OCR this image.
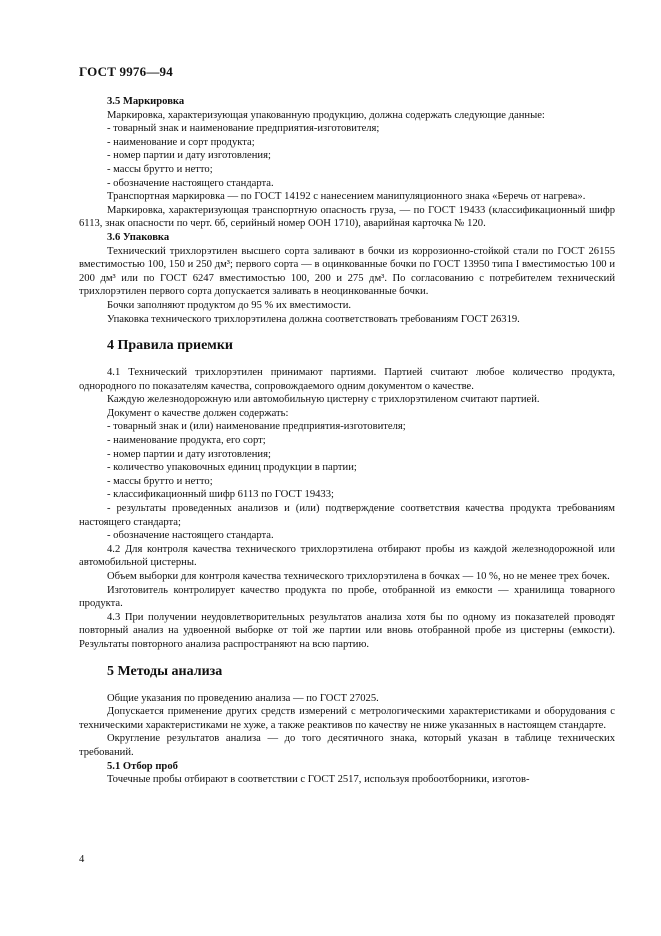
ГОСТ 9976—94

3.5 Маркировка

Маркировка, характеризующая упакованную продукцию, должна содержать следующие данные:

- товарный знак и наименование предприятия-изготовителя;

- наименование и сорт продукта;

- номер партии и дату изготовления;

- массы брутто и нетто;

- обозначение настоящего стандарта.

Транспортная маркировка — по ГОСТ 14192 с нанесением манипуляционного знака «Беречь от нагрева».

Маркировка, характеризующая транспортную опасность груза, — по ГОСТ 19433 (классификационный шифр 6113, знак опасности по черт. 6б, серийный номер ООН 1710), аварийная карточка № 120.

3.6 Упаковка

Технический трихлорэтилен высшего сорта заливают в бочки из коррозионно-стойкой стали по ГОСТ 26155 вместимостью 100, 150 и 250 дм³; первого сорта — в оцинкованные бочки по ГОСТ 13950 типа I вместимостью 100 и 200 дм³ или по ГОСТ 6247 вместимостью 100, 200 и 275 дм³. По согласованию с потребителем технический трихлорэтилен первого сорта допускается заливать в неоцинкованные бочки.

Бочки заполняют продуктом до 95 % их вместимости.

Упаковка технического трихлорэтилена должна соответствовать требованиям ГОСТ 26319.

4 Правила приемки

4.1 Технический трихлорэтилен принимают партиями. Партией считают любое количество продукта, однородного по показателям качества, сопровождаемого одним документом о качестве.

Каждую железнодорожную или автомобильную цистерну с трихлорэтиленом считают партией.

Документ о качестве должен содержать:

- товарный знак и (или) наименование предприятия-изготовителя;

- наименование продукта, его сорт;

- номер партии и дату изготовления;

- количество упаковочных единиц продукции в партии;

- массы брутто и нетто;

- классификационный шифр 6113 по ГОСТ 19433;

- результаты проведенных анализов и (или) подтверждение соответствия качества продукта требованиям настоящего стандарта;

- обозначение настоящего стандарта.

4.2 Для контроля качества технического трихлорэтилена отбирают пробы из каждой железнодорожной или автомобильной цистерны.

Объем выборки для контроля качества технического трихлорэтилена в бочках — 10 %, но не менее трех бочек.

Изготовитель контролирует качество продукта по пробе, отобранной из емкости — хранилища товарного продукта.

4.3 При получении неудовлетворительных результатов анализа хотя бы по одному из показателей проводят повторный анализ на удвоенной выборке от той же партии или вновь отобранной пробе из цистерны (емкости). Результаты повторного анализа распространяют на всю партию.

5 Методы анализа

Общие указания по проведению анализа — по ГОСТ 27025.

Допускается применение других средств измерений с метрологическими характеристиками и оборудования с техническими характеристиками не хуже, а также реактивов по качеству не ниже указанных в настоящем стандарте.

Округление результатов анализа — до того десятичного знака, который указан в таблице технических требований.

5.1 Отбор проб

Точечные пробы отбирают в соответствии с ГОСТ 2517, используя пробоотборники, изготов-

4
